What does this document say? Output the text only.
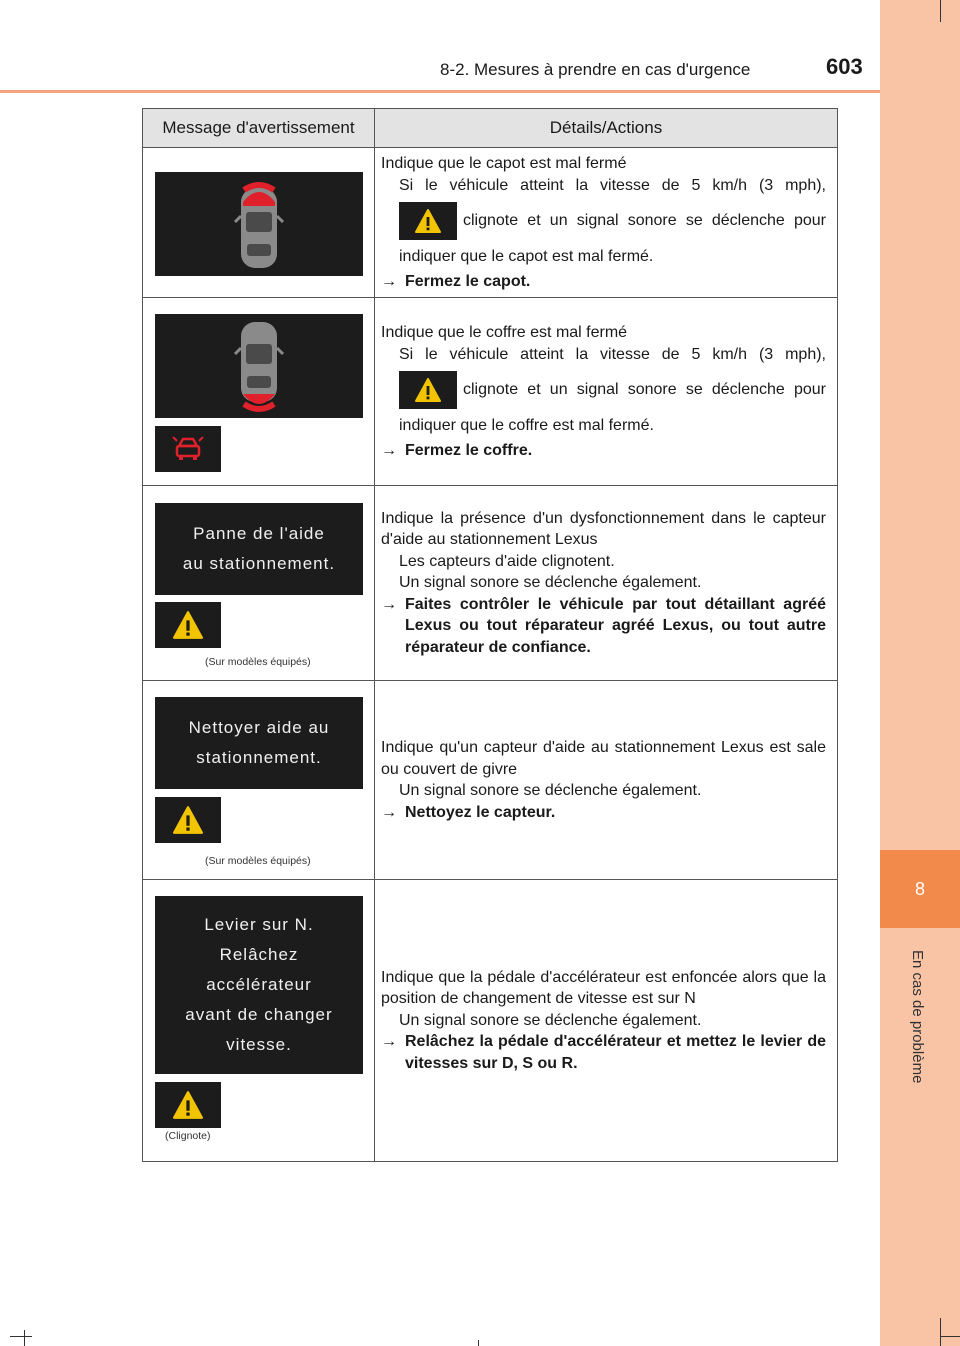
8-2. Mesures à prendre en cas d'urgence	603
8
En cas de problème
Message d'avertissement	Détails/Actions
Indique que le capot est mal fermé
Si le véhicule atteint la vitesse de 5 km/h (3 mph),
clignote et un signal sonore se déclenche pour
indiquer que le capot est mal fermé.
→ Fermez le capot.
Indique que le coffre est mal fermé
Si le véhicule atteint la vitesse de 5 km/h (3 mph),
clignote et un signal sonore se déclenche pour
indiquer que le coffre est mal fermé.
→ Fermez le coffre.
Panne de l'aide
au stationnement.
(Sur modèles équipés)
Indique la présence d'un dysfonctionnement dans le capteur d'aide au stationnement Lexus
Les capteurs d'aide clignotent.
Un signal sonore se déclenche également.
→ Faites contrôler le véhicule par tout détaillant agréé Lexus ou tout réparateur agréé Lexus, ou tout autre réparateur de confiance.
Nettoyer aide au
stationnement.
(Sur modèles équipés)
Indique qu'un capteur d'aide au stationnement Lexus est sale ou couvert de givre
Un signal sonore se déclenche également.
→ Nettoyez le capteur.
Levier sur N.
Relâchez
accélérateur
avant de changer
vitesse.
(Clignote)
Indique que la pédale d'accélérateur est enfoncée alors que la position de changement de vitesse est sur N
Un signal sonore se déclenche également.
→ Relâchez la pédale d'accélérateur et mettez le levier de vitesses sur D, S ou R.
